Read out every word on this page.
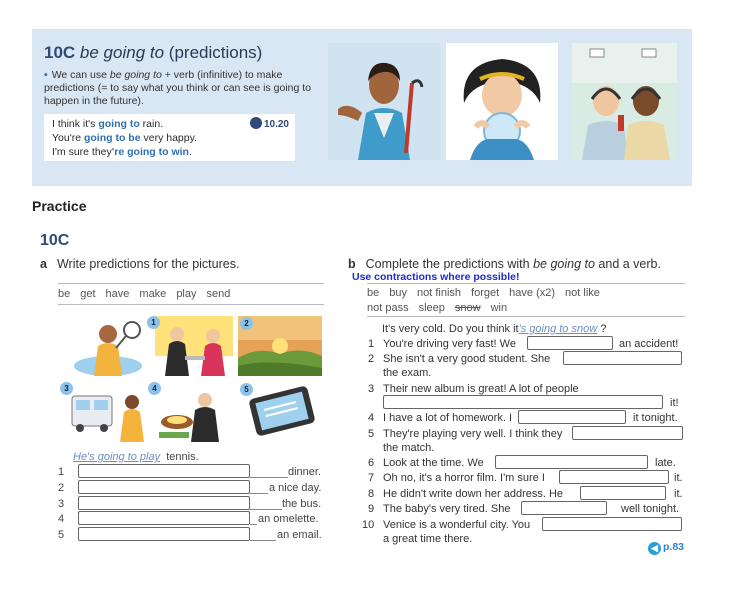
10C be going to (predictions)
• We can use be going to + verb (infinitive) to make predictions (= to say what you think or can see is going to happen in the future).
I think it's going to rain.
You're going to be very happy.
I'm sure they're going to win.
10.20
Practice
10C
a Write predictions for the pictures.
be get have make play send
1	2
3	4	5
He's going to play tennis.
1	dinner.
2	a nice day.
3	the bus.
4	an omelette.
5	an email.
b Complete the predictions with be going to and a verb.
Use contractions where possible!
be buy not finish forget have (x2) not like
not pass sleep snow win
It's very cold. Do you think it's going to snow ?
1 You're driving very fast! We	an accident!
2 She isn't a very good student. She
the exam.
3 Their new album is great! A lot of people
it!
4 I have a lot of homework. I	it tonight.
5 They're playing very well. I think they
the match.
6 Look at the time. We	late.
7 Oh no, it's a horror film. I'm sure I	it.
8 He didn't write down her address. He	it.
9 The baby's very tired. She	well tonight.
10 Venice is a wonderful city. You
a great time there.
◀ p.83
